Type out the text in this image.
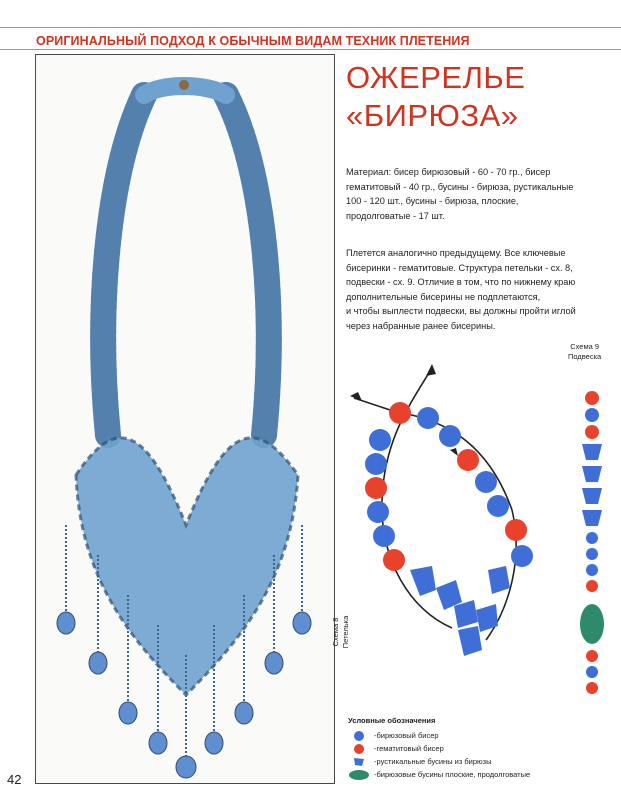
ОРИГИНАЛЬНЫЙ ПОДХОД К ОБЫЧНЫМ ВИДАМ ТЕХНИК ПЛЕТЕНИЯ
ОЖЕРЕЛЬЕ
«БИРЮЗА»
Материал: бисер бирюзовый - 60 - 70 гр., бисер
гематитовый - 40 гр., бусины - бирюза, рустикальные
100 - 120 шт., бусины - бирюза, плоские,
продолговатые - 17 шт.
Плетется аналогично предыдущему. Все ключевые
бисеринки - гематитовые. Структура петельки - сх. 8,
подвески - сх. 9. Отличие в том, что по нижнему краю
дополнительные бисерины не подплетаются,
и чтобы выплести подвески, вы должны пройти иглой
через набранные ранее бисерины.
Схема 9
Подвеска
Схема 8 Петелька
Условные обозначения
-бирюзовый бисер
-гематитовый бисер
-рустикальные бусины из бирюзы
-бирюзовые бусины плоские, продолговатые
42
